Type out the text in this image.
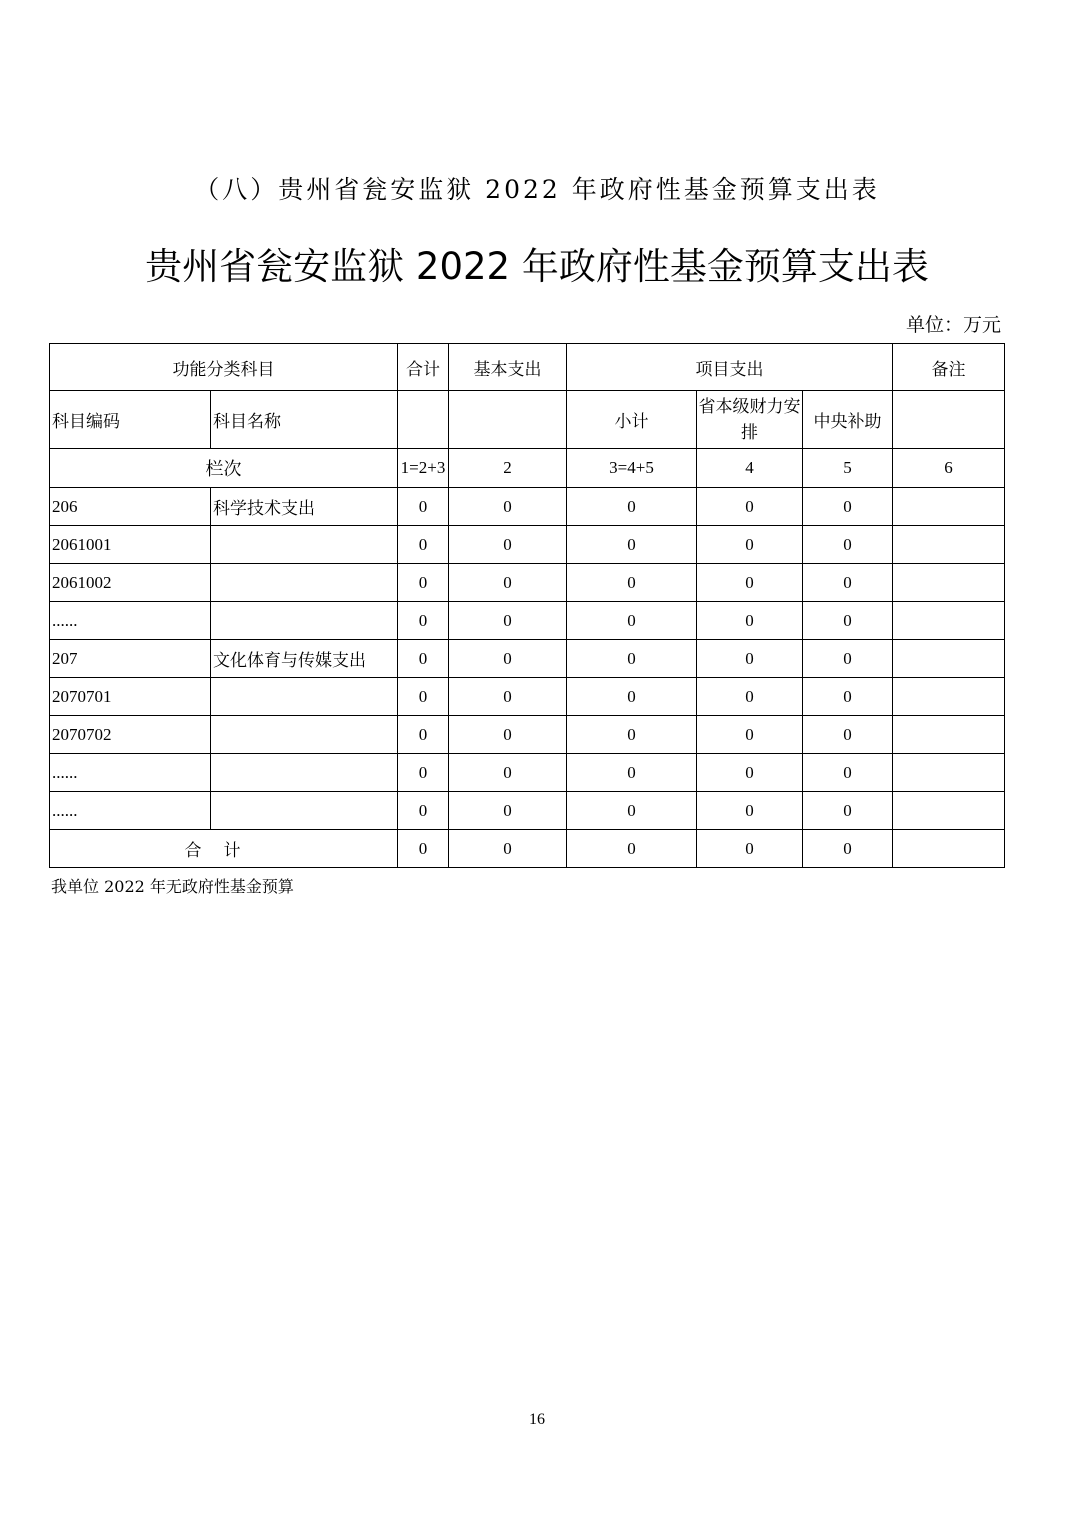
（八）贵州省瓮安监狱 2022 年政府性基金预算支出表
贵州省瓮安监狱 2022 年政府性基金预算支出表
单位：万元
功能分类科目		合计	基本支出	项目支出			备注
科目编码	科目名称			小计	省本级财力安排	中央补助	
栏次		1=2+3	2	3=4+5	4	5	6
206	科学技术支出	0	0	0	0	0	
2061001		0	0	0	0	0	
2061002		0	0	0	0	0	
......		0	0	0	0	0	
207	文化体育与传媒支出	0	0	0	0	0	
2070701		0	0	0	0	0	
2070702		0	0	0	0	0	
......		0	0	0	0	0	
......		0	0	0	0	0	
合计		0	0	0	0	0	
我单位 2022 年无政府性基金预算
16
